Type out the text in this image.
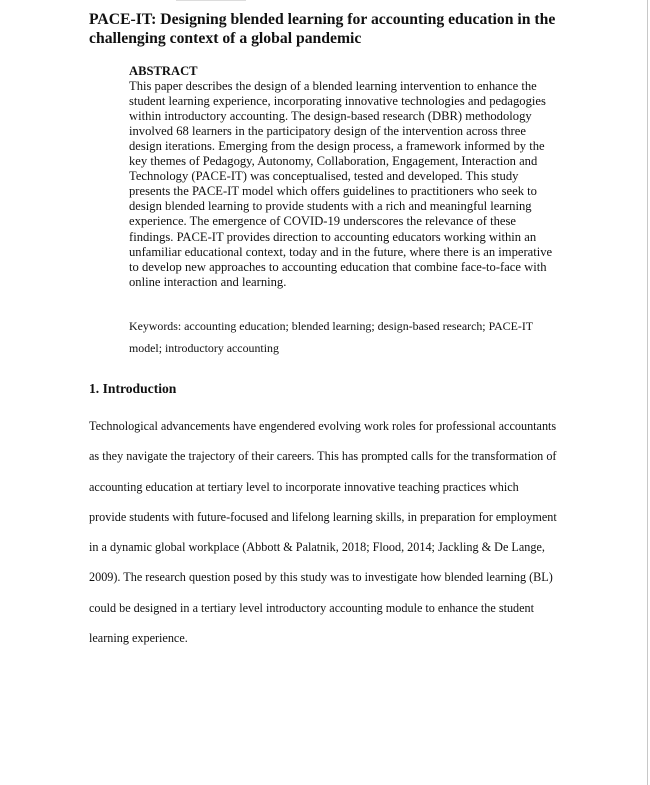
PACE-IT: Designing blended learning for accounting education in the challenging context of a global pandemic

ABSTRACT

This paper describes the design of a blended learning intervention to enhance the student learning experience, incorporating innovative technologies and pedagogies within introductory accounting. The design-based research (DBR) methodology involved 68 learners in the participatory design of the intervention across three design iterations. Emerging from the design process, a framework informed by the key themes of Pedagogy, Autonomy, Collaboration, Engagement, Interaction and Technology (PACE-IT) was conceptualised, tested and developed. This study presents the PACE-IT model which offers guidelines to practitioners who seek to design blended learning to provide students with a rich and meaningful learning experience. The emergence of COVID-19 underscores the relevance of these findings. PACE-IT provides direction to accounting educators working within an unfamiliar educational context, today and in the future, where there is an imperative to develop new approaches to accounting education that combine face-to-face with online interaction and learning.

Keywords: accounting education; blended learning; design-based research; PACE-IT model; introductory accounting

1. Introduction

Technological advancements have engendered evolving work roles for professional accountants as they navigate the trajectory of their careers. This has prompted calls for the transformation of accounting education at tertiary level to incorporate innovative teaching practices which provide students with future-focused and lifelong learning skills, in preparation for employment in a dynamic global workplace (Abbott & Palatnik, 2018; Flood, 2014; Jackling & De Lange, 2009). The research question posed by this study was to investigate how blended learning (BL) could be designed in a tertiary level introductory accounting module to enhance the student learning experience.
